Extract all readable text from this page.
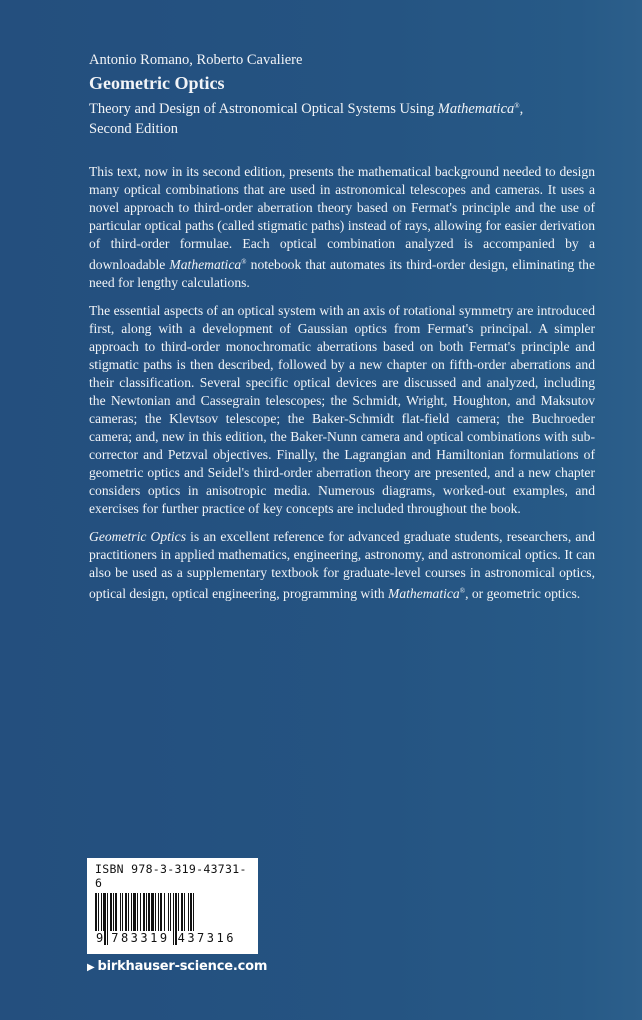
Antonio Romano, Roberto Cavaliere

Geometric Optics

Theory and Design of Astronomical Optical Systems Using Mathematica®,
Second Edition

This text, now in its second edition, presents the mathematical background needed to design many optical combinations that are used in astronomical telescopes and cameras. It uses a novel approach to third-order aberration theory based on Fermat's principle and the use of particular optical paths (called stigmatic paths) instead of rays, allowing for easier derivation of third-order formulae. Each optical combination analyzed is accompanied by a downloadable Mathematica® notebook that automates its third-order design, eliminating the need for lengthy calculations.

The essential aspects of an optical system with an axis of rotational symmetry are introduced first, along with a development of Gaussian optics from Fermat's principal. A simpler approach to third-order monochromatic aberrations based on both Fermat's principle and stigmatic paths is then described, followed by a new chapter on fifth-order aberrations and their classification. Several specific optical devices are discussed and analyzed, including the Newtonian and Cassegrain telescopes; the Schmidt, Wright, Houghton, and Maksutov cameras; the Klevtsov telescope; the Baker-Schmidt flat-field camera; the Buchroeder camera; and, new in this edition, the Baker-Nunn camera and optical combinations with sub-corrector and Petzval objectives. Finally, the Lagrangian and Hamiltonian formulations of geometric optics and Seidel's third-order aberration theory are presented, and a new chapter considers optics in anisotropic media. Numerous diagrams, worked-out examples, and exercises for further practice of key concepts are included throughout the book.

Geometric Optics is an excellent reference for advanced graduate students, researchers, and practitioners in applied mathematics, engineering, astronomy, and astronomical optics. It can also be used as a supplementary textbook for graduate-level courses in astronomical optics, optical design, optical engineering, programming with Mathematica®, or geometric optics.

ISBN 978-3-319-43731-6
9 783319 437316
▶ birkhauser-science.com
